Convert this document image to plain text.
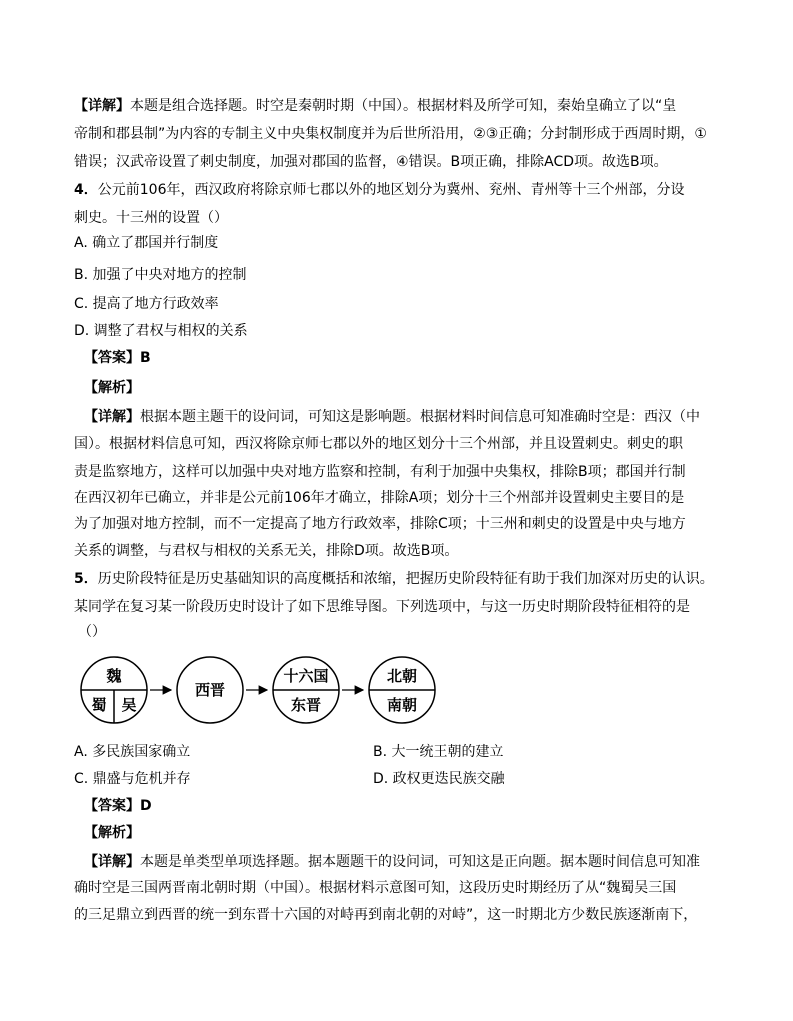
【详解】本题是组合选择题。时空是秦朝时期（中国）。根据材料及所学可知，秦始皇确立了以“皇
帝制和郡县制”为内容的专制主义中央集权制度并为后世所沿用，②③正确；分封制形成于西周时期，①
错误；汉武帝设置了刺史制度，加强对郡国的监督，④错误。B项正确，排除ACD项。故选B项。
4．公元前106年，西汉政府将除京师七郡以外的地区划分为冀州、兖州、青州等十三个州部，分设
刺史。十三州的设置（）
A. 确立了郡国并行制度
B. 加强了中央对地方的控制
C. 提高了地方行政效率
D. 调整了君权与相权的关系
【答案】B
【解析】
【详解】根据本题主题干的设问词，可知这是影响题。根据材料时间信息可知准确时空是：西汉（中
国）。根据材料信息可知，西汉将除京师七郡以外的地区划分十三个州部，并且设置刺史。刺史的职
责是监察地方，这样可以加强中央对地方监察和控制，有利于加强中央集权，排除B项；郡国并行制
在西汉初年已确立，并非是公元前106年才确立，排除A项；划分十三个州部并设置刺史主要目的是
为了加强对地方控制，而不一定提高了地方行政效率，排除C项；十三州和刺史的设置是中央与地方
关系的调整，与君权与相权的关系无关，排除D项。故选B项。
5．历史阶段特征是历史基础知识的高度概括和浓缩，把握历史阶段特征有助于我们加深对历史的认识。
某同学在复习某一阶段历史时设计了如下思维导图。下列选项中，与这一历史时期阶段特征相符的是
（）
魏
蜀 吴
西晋
十六国
东晋
北朝
南朝
A. 多民族国家确立	B. 大一统王朝的建立
C. 鼎盛与危机并存	D. 政权更迭民族交融
【答案】D
【解析】
【详解】本题是单类型单项选择题。据本题题干的设问词，可知这是正向题。据本题时间信息可知准
确时空是三国两晋南北朝时期（中国）。根据材料示意图可知，这段历史时期经历了从“魏蜀吴三国
的三足鼎立到西晋的统一到东晋十六国的对峙再到南北朝的对峙”，这一时期北方少数民族逐渐南下，
